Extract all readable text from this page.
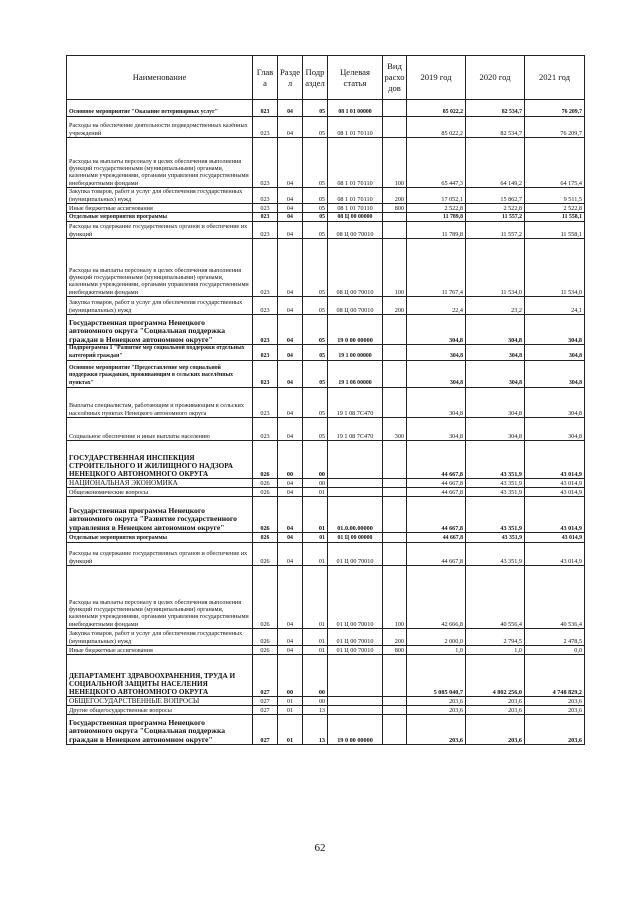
Наименование	Глав а	Разде л	Подр аздел	Целевая статья	Вид расхо дов	2019 год	2020 год	2021 год
Основное мероприятие "Оказание ветеринарных услуг"	023	04	05	08 1 01 00000		85 022,2	82 534,7	76 209,7
Расходы на обеспечение деятельности подведомственных казённых учреждений	023	04	05	08 1 01 70110		85 022,2	82 534,7	76 209,7
Расходы на выплаты персоналу в целях обеспечения выполнения функций государственными (муниципальными) органами, казенными учреждениями, органами управления государственными внебюджетными фондами	023	04	05	08 1 01 70110	100	65 447,3	64 149,2	64 175,4
Закупка товаров, работ и услуг для обеспечения государственных (муниципальных) нужд	023	04	05	08 1 01 70110	200	17 052,1	15 862,7	9 511,5
Иные бюджетные ассигнования	023	04	05	08 1 01 70110	800	2 522,8	2 522,8	2 522,8
Отдельные мероприятия программы	023	04	05	08 Ц 00 00000		11 789,8	11 557,2	11 558,1
Расходы на содержание государственных органов и обеспечение их функций	023	04	05	08 Ц 00 70010		11 789,8	11 557,2	11 558,1
Расходы на выплаты персоналу в целях обеспечения выполнения функций государственными (муниципальными) органами, казенными учреждениями, органами управления государственными внебюджетными фондами	023	04	05	08 Ц 00 70010	100	11 767,4	11 534,0	11 534,0
Закупка товаров, работ и услуг для обеспечения государственных (муниципальных) нужд	023	04	05	08 Ц 00 70010	200	22,4	23,2	24,1
Государственная программа Ненецкого автономного округа "Социальная поддержка граждан в Ненецком автономном округе"	023	04	05	19 0 00 00000		304,8	304,8	304,8
Подпрограмма 1 "Развитие мер социальной поддержки отдельных категорий граждан"	023	04	05	19 1 00 00000		304,8	304,8	304,8
Основное мероприятие "Предоставление мер социальной поддержки гражданам, проживающим в сельских населённых пунктах"	023	04	05	19 1 08 00000		304,8	304,8	304,8
Выплаты специалистам, работающим и проживающим в сельских населённых пунктах Ненецкого автономного округа	023	04	05	19 1 08 7С470		304,8	304,8	304,8
Социальное обеспечение и иные выплаты населению	023	04	05	19 1 08 7С470	300	304,8	304,8	304,8
ГОСУДАРСТВЕННАЯ ИНСПЕКЦИЯ СТРОИТЕЛЬНОГО И ЖИЛИЩНОГО НАДЗОРА НЕНЕЦКОГО АВТОНОМНОГО ОКРУГА	026	00	00			44 667,8	43 351,9	43 014,9
НАЦИОНАЛЬНАЯ ЭКОНОМИКА	026	04	00			44 667,8	43 351,9	43 014,9
Общеэкономические вопросы	026	04	01			44 667,8	43 351,9	43 014,9
Государственная программа Ненецкого автономного округа "Развитие государственного управления в Ненецком автономном округе"	026	04	01	01.0.00.00000		44 667,8	43 351,9	43 014,9
Отдельные мероприятия программы	026	04	01	01 Ц 00 00000		44 667,8	43 351,9	43 014,9
Расходы на содержание государственных органов и обеспечение их функций	026	04	01	01 Ц 00 70010		44 667,8	43 351,9	43 014,9
Расходы на выплаты персоналу в целях обеспечения выполнения функций государственными (муниципальными) органами, казенными учреждениями, органами управления государственными внебюджетными фондами	026	04	01	01 Ц 00 70010	100	42 666,8	40 556,4	40 536,4
Закупка товаров, работ и услуг для обеспечения государственных (муниципальных) нужд	026	04	01	01 Ц 00 70010	200	2 000,0	2 794,5	2 478,5
Иные бюджетные ассигнования	026	04	01	01 Ц 00 70010	800	1,0	1,0	0,0
ДЕПАРТАМЕНТ ЗДРАВООХРАНЕНИЯ, ТРУДА И СОЦИАЛЬНОЙ ЗАЩИТЫ НАСЕЛЕНИЯ НЕНЕЦКОГО АВТОНОМНОГО ОКРУГА	027	00	00			5 085 040,7	4 802 256,0	4 748 829,2
ОБЩЕГОСУДАРСТВЕННЫЕ ВОПРОСЫ	027	01	00			203,6	203,6	203,6
Другие общегосударственные вопросы	027	01	13			203,6	203,6	203,6
Государственная программа Ненецкого автономного округа "Социальная поддержка граждан в Ненецком автономном округе"	027	01	13	19 0 00 00000		203,6	203,6	203,6
62
